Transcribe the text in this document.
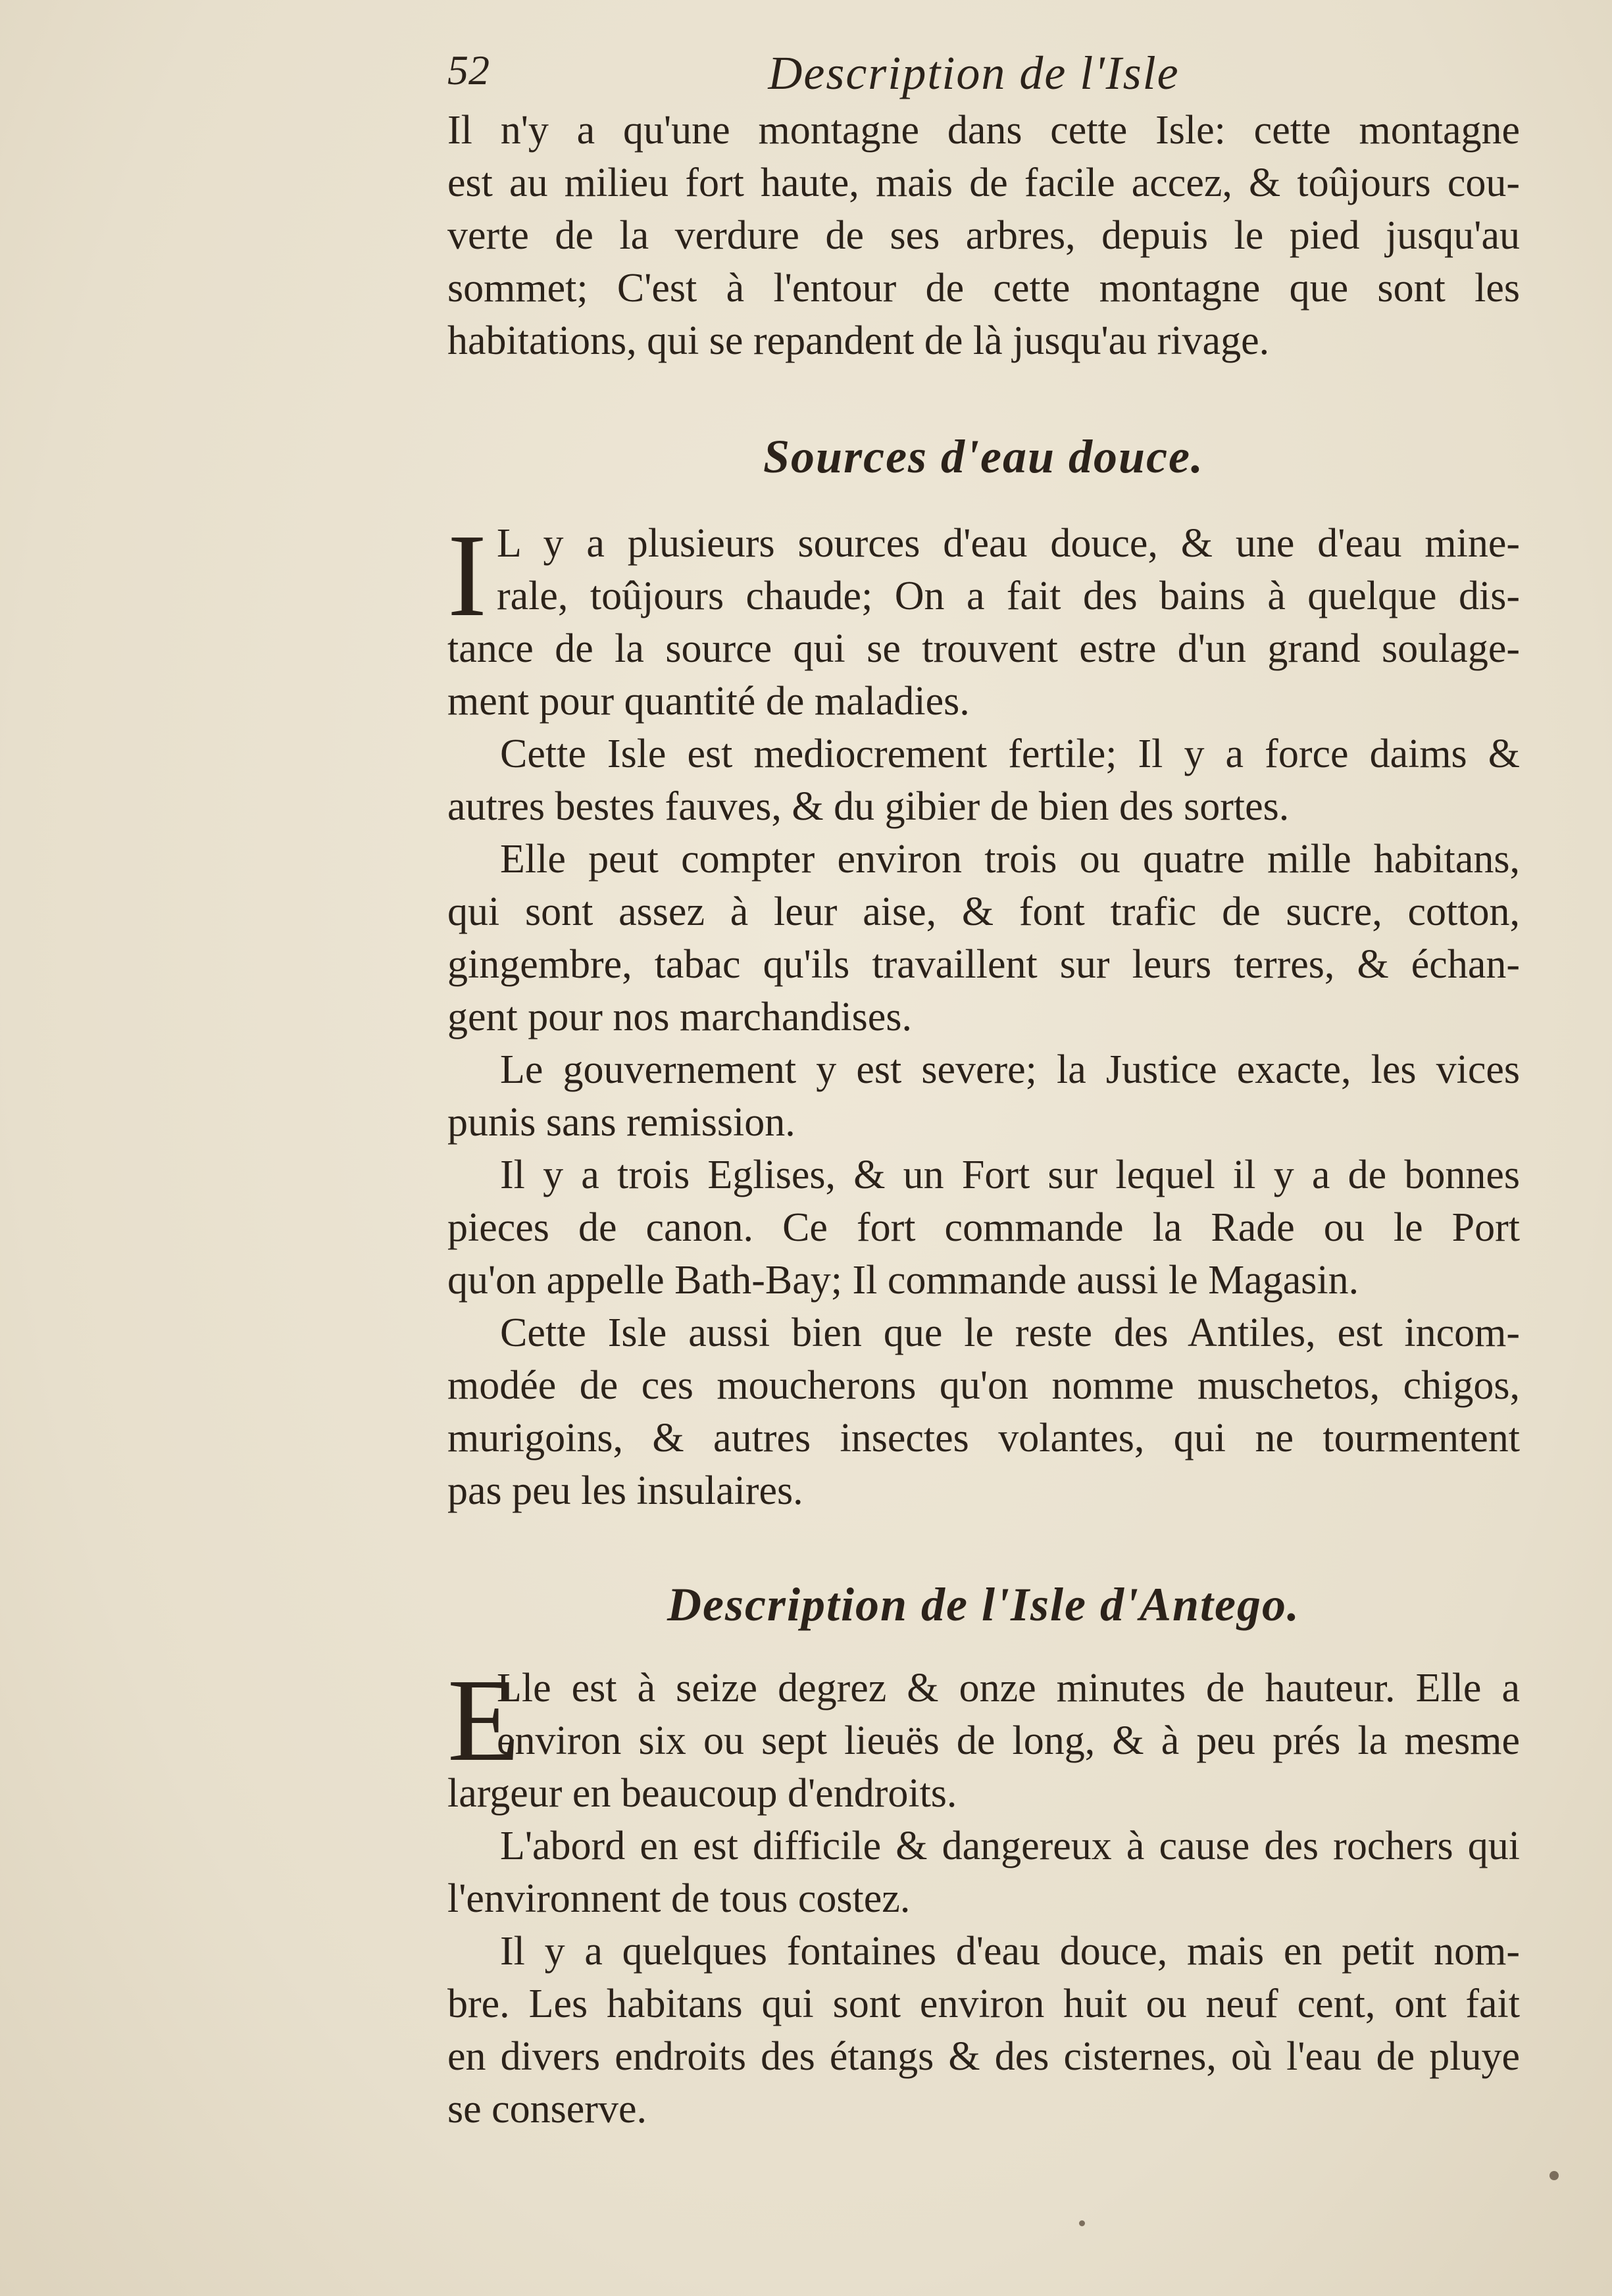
52	Description de l'Isle

Il n'y a qu'une montagne dans cette Isle: cette montagne

est au milieu fort haute, mais de facile accez, & toûjours cou-

verte de la verdure de ses arbres, depuis le pied jusqu'au

sommet; C'est à l'entour de cette montagne que sont les

habitations, qui se repandent de là jusqu'au rivage.

Sources d'eau douce.
I L y a plusieurs sources d'eau douce, & une d'eau mine-

rale, toûjours chaude; On a fait des bains à quelque dis-

tance de la source qui se trouvent estre d'un grand soulage-

ment pour quantité de maladies.

Cette Isle est mediocrement fertile; Il y a force daims &

autres bestes fauves, & du gibier de bien des sortes.

Elle peut compter environ trois ou quatre mille habitans,

qui sont assez à leur aise, & font trafic de sucre, cotton,

gingembre, tabac qu'ils travaillent sur leurs terres, & échan-

gent pour nos marchandises.

Le gouvernement y est severe; la Justice exacte, les vices

punis sans remission.

Il y a trois Eglises, & un Fort sur lequel il y a de bonnes

pieces de canon. Ce fort commande la Rade ou le Port

qu'on appelle Bath-Bay; Il commande aussi le Magasin.

Cette Isle aussi bien que le reste des Antiles, est incom-

modée de ces moucherons qu'on nomme muschetos, chigos,

murigoins, & autres insectes volantes, qui ne tourmentent

pas peu les insulaires.

Description de l'Isle d'Antego.
E

Lle est à seize degrez & onze minutes de hauteur. Elle a

environ six ou sept lieuës de long, & à peu prés la mesme

largeur en beaucoup d'endroits.

L'abord en est difficile & dangereux à cause des rochers qui

l'environnent de tous costez.

Il y a quelques fontaines d'eau douce, mais en petit nom-

bre. Les habitans qui sont environ huit ou neuf cent, ont fait

en divers endroits des étangs & des cisternes, où l'eau de pluye

se conserve.
